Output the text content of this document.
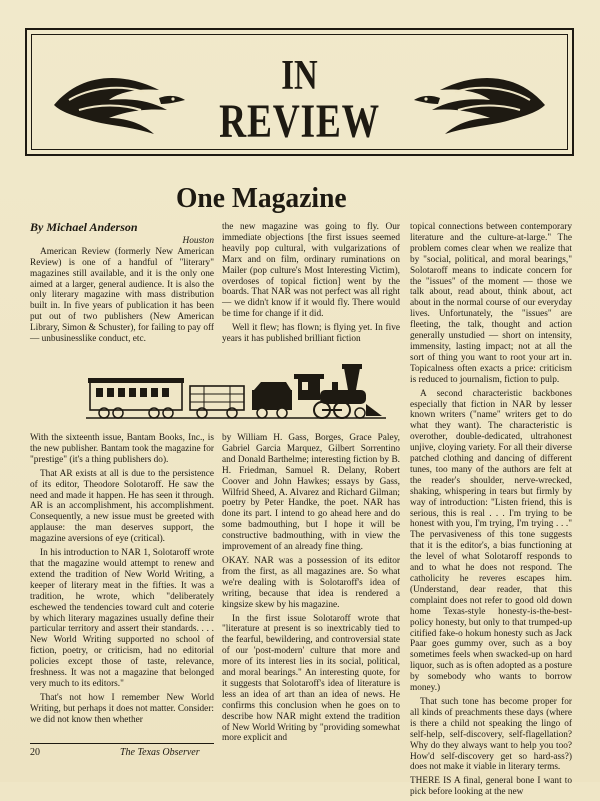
IN
REVIEW
One Magazine

By Michael Anderson

Houston

American Review (formerly New American Review) is one of a handful of "literary" magazines still available, and it is the only one aimed at a larger, general audience. It is also the only literary magazine with mass distribution built in. In five years of publication it has been put out of two publishers (New American Library, Simon & Schuster), for failing to pay off — unbusinesslike conduct, etc.

the new magazine was going to fly. Our immediate objections [the first issues seemed heavily pop cultural, with vulgarizations of Marx and on film, ordinary ruminations on Mailer (pop culture's Most Interesting Victim), overdoses of topical fiction] went by the boards. That NAR was not perfect was all right — we didn't know if it would fly. There would be time for change if it did.

Well it flew; has flown; is flying yet. In five years it has published brilliant fiction

With the sixteenth issue, Bantam Books, Inc., is the new publisher. Bantam took the magazine for "prestige" (it's a thing publishers do).

That AR exists at all is due to the persistence of its editor, Theodore Solotaroff. He saw the need and made it happen. He has seen it through. AR is an accomplishment, his accomplishment. Consequently, a new issue must be greeted with applause: the man deserves support, the magazine aversions of eye (critical).

In his introduction to NAR 1, Solotaroff wrote that the magazine would attempt to renew and extend the tradition of New World Writing, a keeper of literary meat in the fifties. It was a tradition, he wrote, which "deliberately eschewed the tendencies toward cult and coterie by which literary magazines usually define their particular territory and assert their standards. . . . New World Writing supported no school of fiction, poetry, or criticism, had no editorial policies except those of taste, relevance, freshness. It was not a magazine that belonged very much to its editors."

That's not how I remember New World Writing, but perhaps it does not matter. Consider: we did not know then whether

by William H. Gass, Borges, Grace Paley, Gabriel Garcia Marquez, Gilbert Sorrentino and Donald Barthelme; interesting fiction by B. H. Friedman, Samuel R. Delany, Robert Coover and John Hawkes; essays by Gass, Wilfrid Sheed, A. Alvarez and Richard Gilman; poetry by Peter Handke, the poet. NAR has done its part. I intend to go ahead here and do some badmouthing, but I hope it will be constructive badmouthing, with in view the improvement of an already fine thing.

OKAY. NAR was a possession of its editor from the first, as all magazines are. So what we're dealing with is Solotaroff's idea of writing, because that idea is rendered a kingsize skew by his magazine.

In the first issue Solotaroff wrote that "literature at present is so inextricably tied to the fearful, bewildering, and controversial state of our 'post-modern' culture that more and more of its interest lies in its social, political, and moral bearings." An interesting quote, for it suggests that Solotaroff's idea of literature is less an idea of art than an idea of news. He confirms this conclusion when he goes on to describe how NAR might extend the tradition of New World Writing by "providing somewhat more explicit and

topical connections between contemporary literature and the culture-at-large." The problem comes clear when we realize that by "social, political, and moral bearings," Solotaroff means to indicate concern for the "issues" of the moment — those we talk about, read about, think about, act about in the normal course of our everyday lives. Unfortunately, the "issues" are fleeting, the talk, thought and action generally unstudied — short on intensity, immensity, lasting impact; not at all the sort of thing you want to root your art in. Topicalness often exacts a price: criticism is reduced to journalism, fiction to pulp.

A second characteristic backbones especially that fiction in NAR by lesser known writers ("name" writers get to do what they want). The characteristic is overother, double-dedicated, ultrahonest unjive, cloying variety. For all their diverse patched clothing and dancing of different tunes, too many of the authors are felt at the reader's shoulder, nerve-wrecked, shaking, whispering in tears but firmly by way of introduction: "Listen friend, this is serious, this is real . . . I'm trying to be honest with you, I'm trying, I'm trying . . ." The pervasiveness of this tone suggests that it is the editor's, a bias functioning at the level of what Solotaroff responds to and to what he does not respond. The catholicity he reveres escapes him. (Understand, dear reader, that this complaint does not refer to good old down home Texas-style honesty-is-the-best-policy honesty, but only to that trumped-up citified fake-o hokum honesty such as Jack Paar goes gummy over, such as a boy sometimes feels when swacked-up on hard liquor, such as is often adopted as a posture by somebody who wants to borrow money.)

That such tone has become proper for all kinds of preachments these days (where is there a child not speaking the lingo of self-help, self-discovery, self-flagellation? Why do they always want to help you too? How'd self-discovery get so hard-ass?) does not make it viable in literary terms.

THERE IS A final, general bone I want to pick before looking at the new

20	The Texas Observer
